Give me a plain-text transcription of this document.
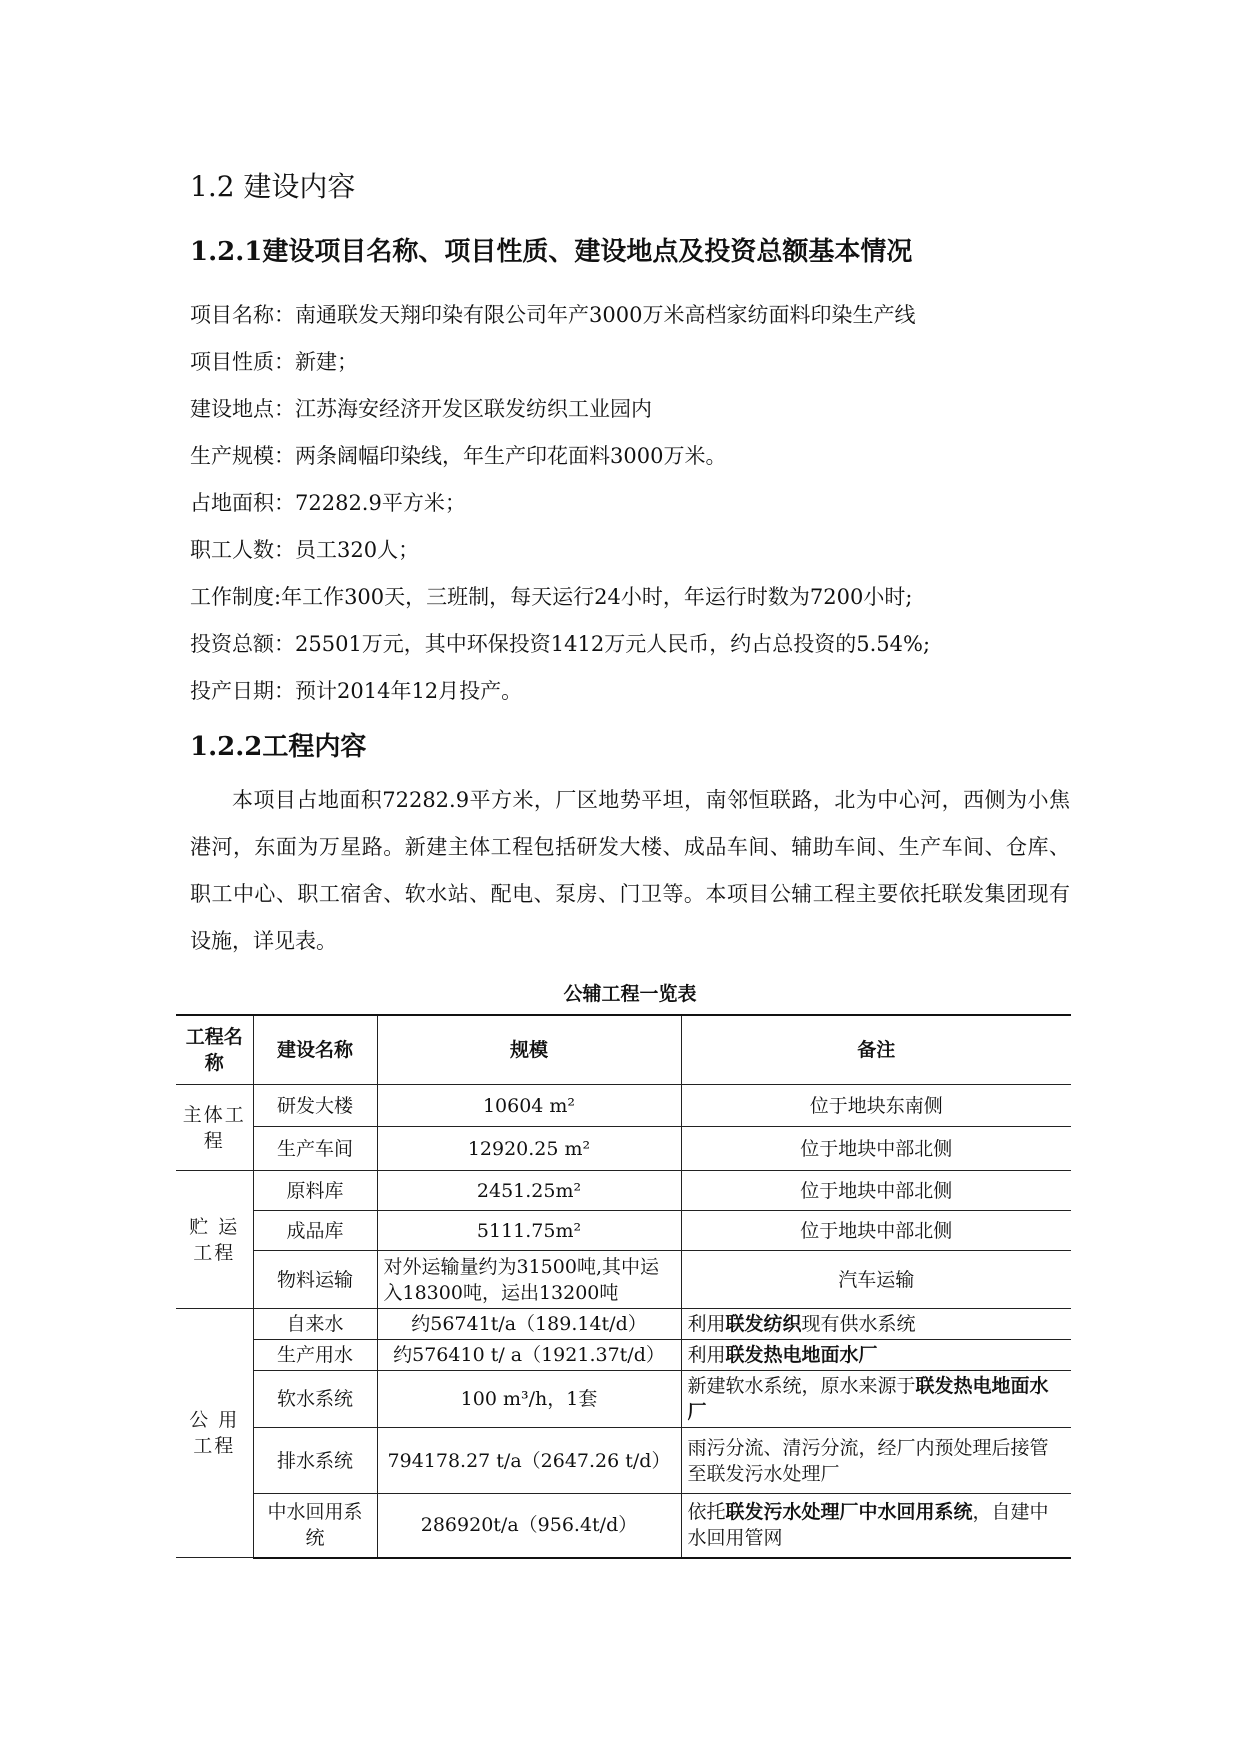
1.2 建设内容
1.2.1建设项目名称、项目性质、建设地点及投资总额基本情况
项目名称：南通联发天翔印染有限公司年产3000万米高档家纺面料印染生产线
项目性质：新建；
建设地点：江苏海安经济开发区联发纺织工业园内
生产规模：两条阔幅印染线，年生产印花面料3000万米。
占地面积：72282.9平方米；
职工人数：员工320人；
工作制度:年工作300天，三班制，每天运行24小时，年运行时数为7200小时;
投资总额：25501万元，其中环保投资1412万元人民币，约占总投资的5.54%;
投产日期：预计2014年12月投产。
1.2.2工程内容

本项目占地面积72282.9平方米，厂区地势平坦，南邻恒联路，北为中心河，西侧为小焦港河，东面为万星路。新建主体工程包括研发大楼、成品车间、辅助车间、生产车间、仓库、职工中心、职工宿舍、软水站、配电、泵房、门卫等。本项目公辅工程主要依托联发集团现有设施，详见表。

公辅工程一览表
工程名称	建设名称	规模	备注
主体工程	研发大楼	10604 m²	位于地块东南侧
	生产车间	12920.25 m²	位于地块中部北侧
贮 运工程	原料库	2451.25m²	位于地块中部北侧
	成品库	5111.75m²	位于地块中部北侧
	物料运输	对外运输量约为31500吨,其中运入18300吨，运出13200吨	汽车运输
公 用工程	自来水	约56741t/a（189.14t/d）	利用联发纺织现有供水系统
	生产用水	约576410 t/ a（1921.37t/d）	利用联发热电地面水厂
	软水系统	100 m³/h，1套	新建软水系统，原水来源于联发热电地面水厂
	排水系统	794178.27 t/a（2647.26 t/d）	雨污分流、清污分流，经厂内预处理后接管至联发污水处理厂
	中水回用系统	286920t/a（956.4t/d）	依托联发污水处理厂中水回用系统，自建中水回用管网
